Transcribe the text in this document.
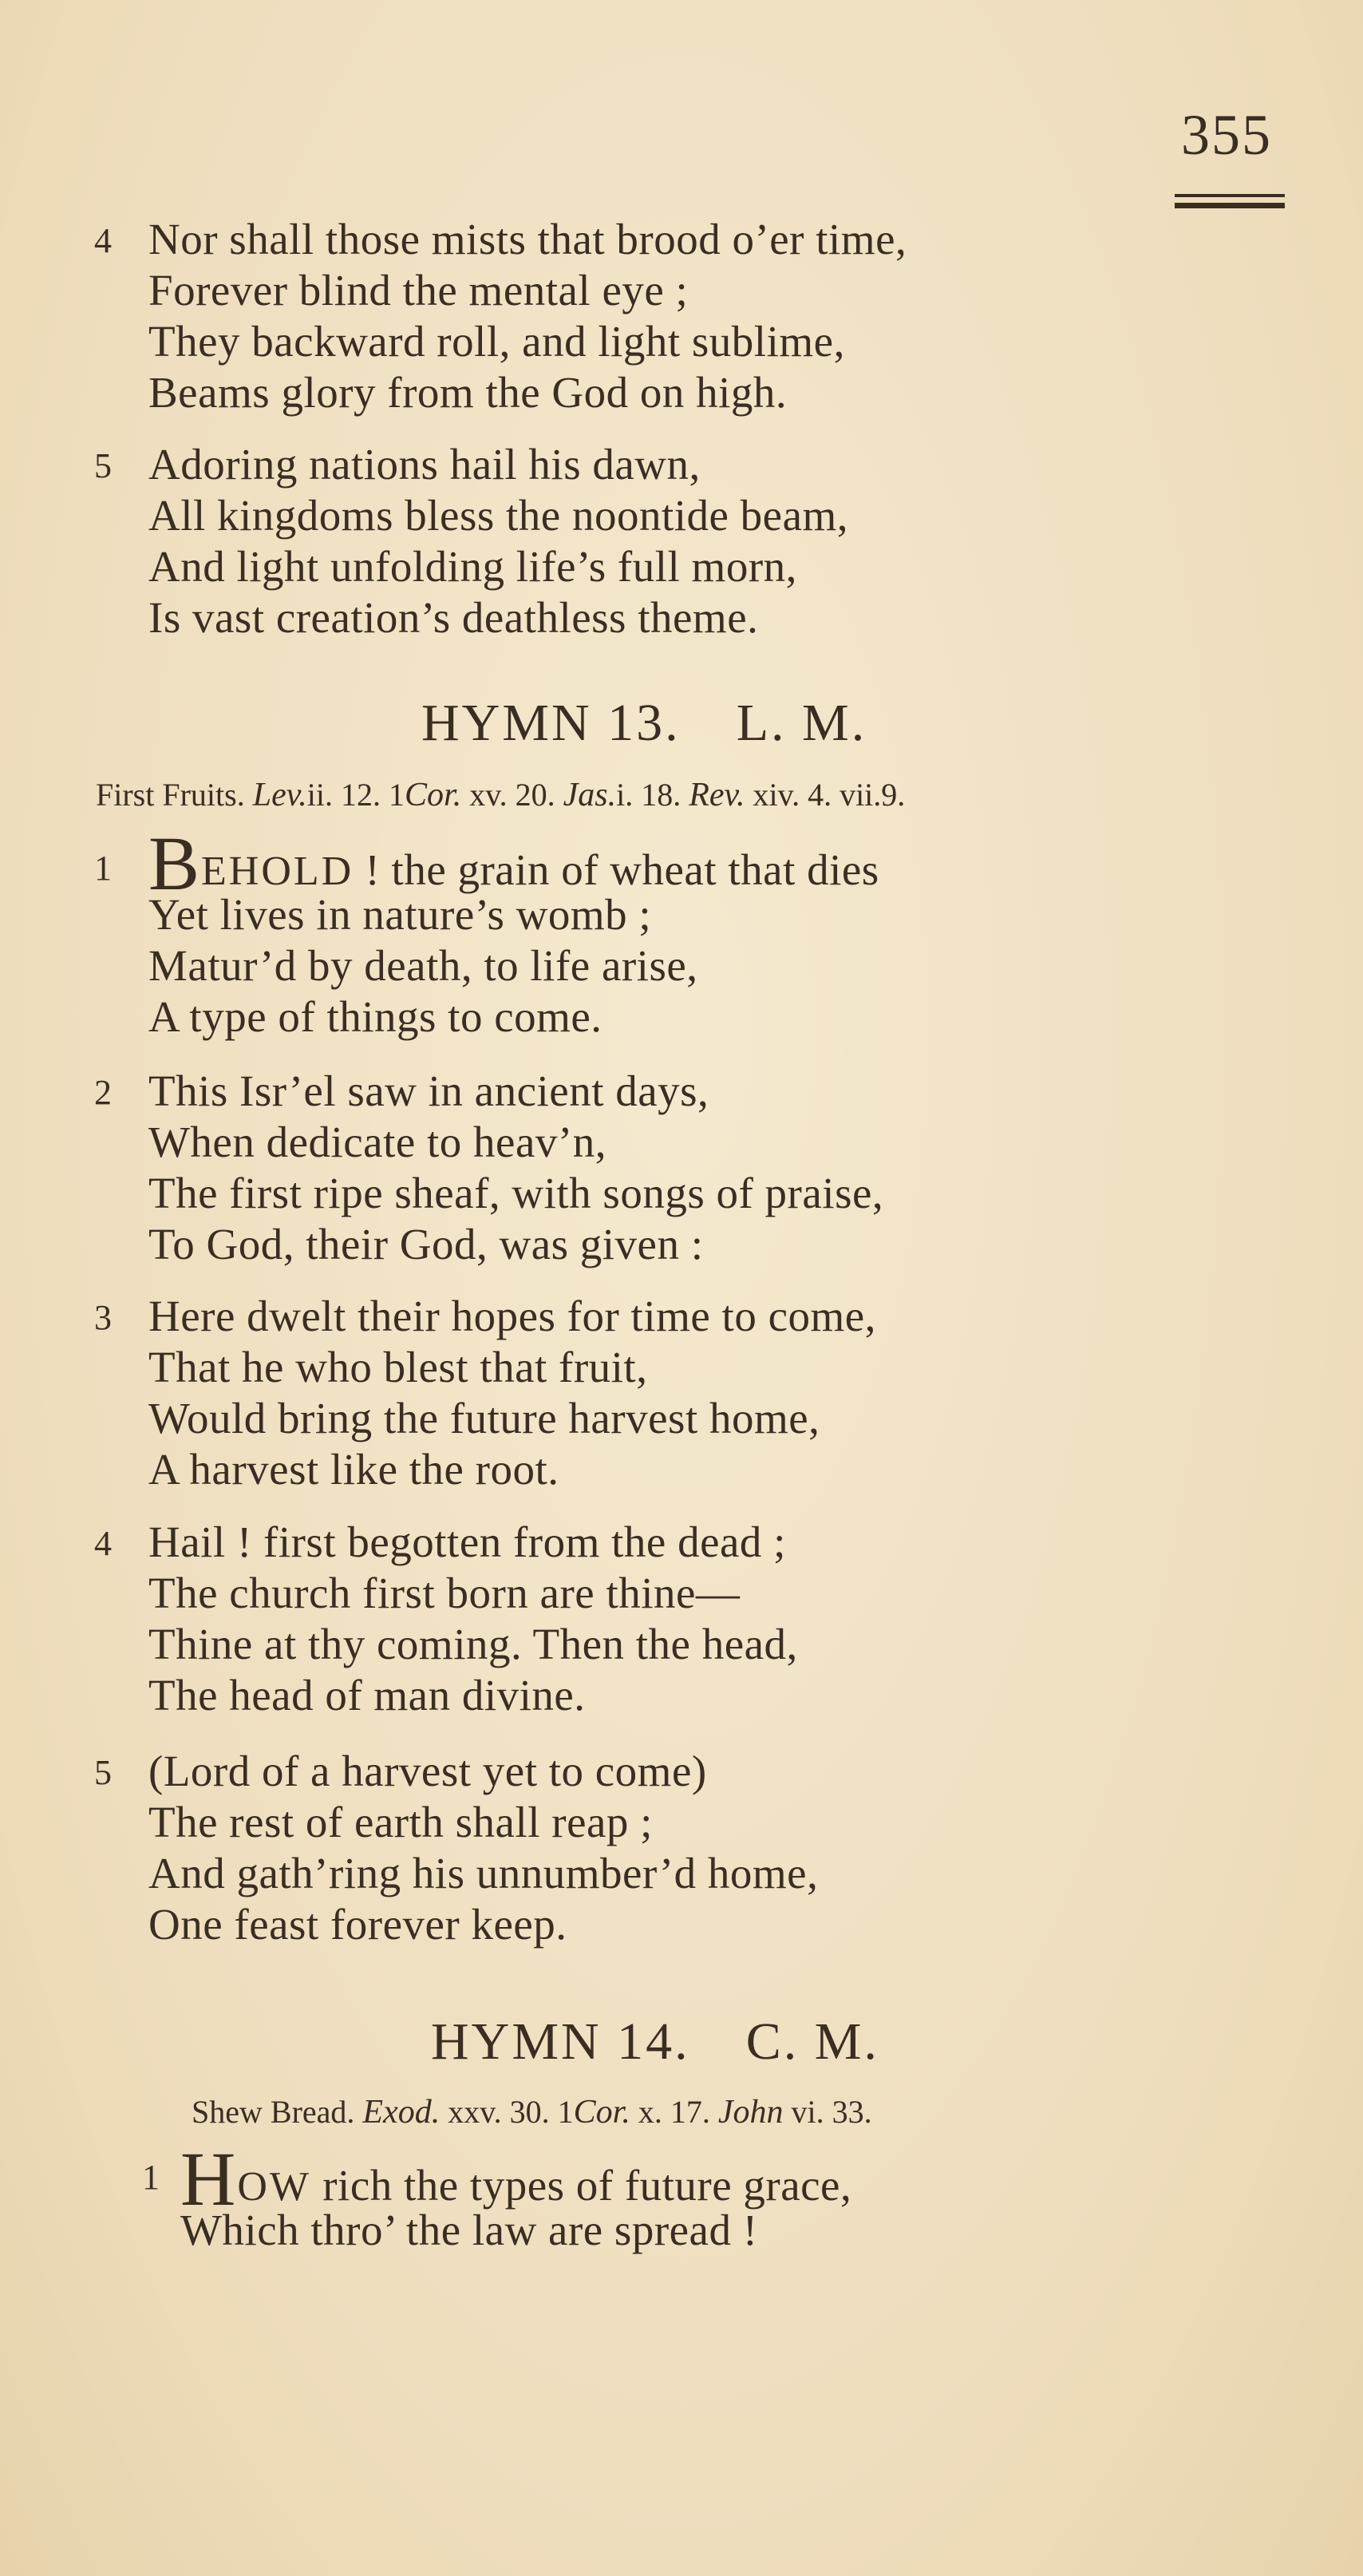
355
4 Nor shall those mists that brood o’er time,
Forever blind the mental eye ;
They backward roll, and light sublime,
Beams glory from the God on high.
5 Adoring nations hail his dawn,
All kingdoms bless the noontide beam,
And light unfolding life’s full morn,
Is vast creation’s deathless theme.
HYMN 13. L. M.
First Fruits. Lev.ii. 12. 1Cor. xv. 20. Jas.i. 18. Rev. xiv. 4. vii.9.
1 BEHOLD ! the grain of wheat that dies
Yet lives in nature’s womb ;
Matur’d by death, to life arise,
A type of things to come.
2 This Isr’el saw in ancient days,
When dedicate to heav’n,
The first ripe sheaf, with songs of praise,
To God, their God, was given :
3 Here dwelt their hopes for time to come,
That he who blest that fruit,
Would bring the future harvest home,
A harvest like the root.
4 Hail ! first begotten from the dead ;
The church first born are thine—
Thine at thy coming. Then the head,
The head of man divine.
5 (Lord of a harvest yet to come)
The rest of earth shall reap ;
And gath’ring his unnumber’d home,
One feast forever keep.
HYMN 14. C. M.
Shew Bread. Exod. xxv. 30. 1Cor. x. 17. John vi. 33.
1 HOW rich the types of future grace,
Which thro’ the law are spread !
